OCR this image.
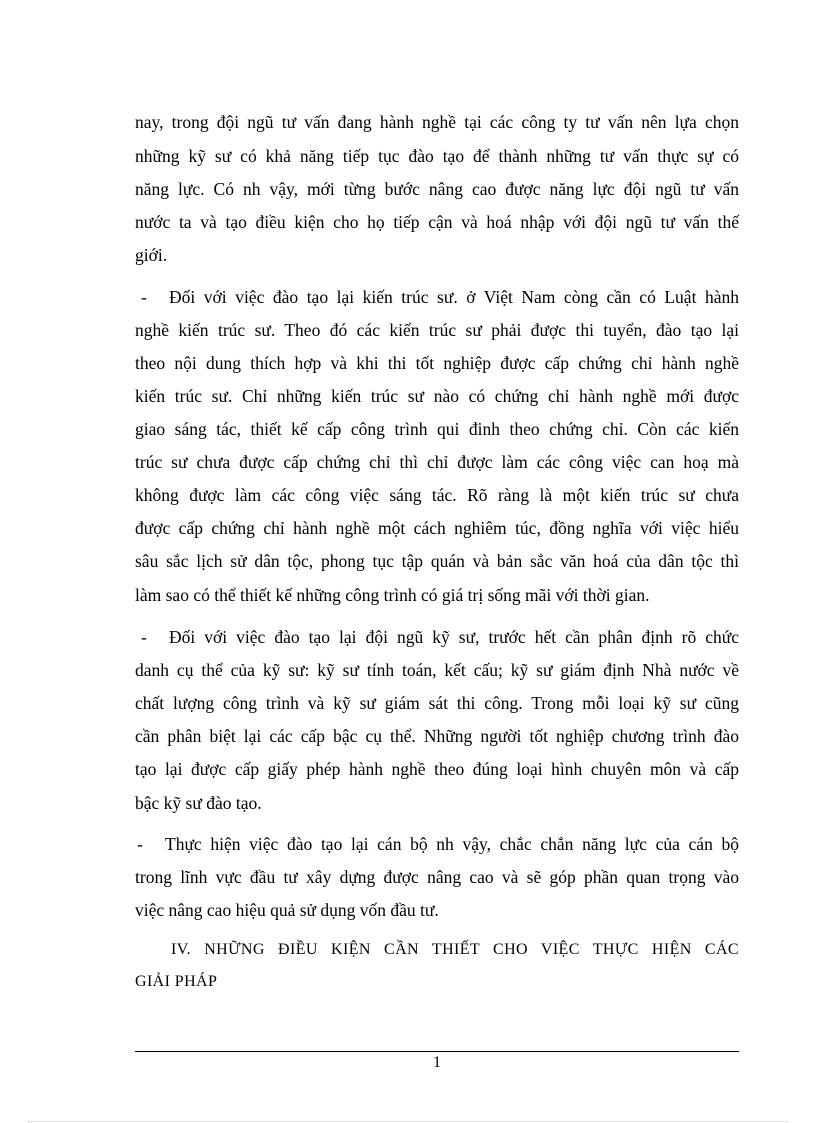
nay, trong đội ngũ tư vấn đang hành nghề tại các công ty tư vấn nên lựa chọn
những kỹ sư có khả năng tiếp tục đào tạo để thành những tư vấn thực sự có
năng lực. Có nh vậy, mới từng bước nâng cao được năng lực đội ngũ tư vấn
nước ta và tạo điều kiện cho họ tiếp cận và hoá nhập với đội ngũ tư vấn thế
giới.
-	Đối với việc đào tạo lại kiến trúc sư. ở Việt Nam còng cần có Luật hành
nghề kiến trúc sư. Theo đó các kiến trúc sư phải được thi tuyển, đào tạo lại
theo nội dung thích hợp và khi thi tốt nghiệp được cấp chứng chỉ hành nghề
kiến trúc sư. Chỉ những kiến trúc sư nào có chứng chỉ hành nghề mới được
giao sáng tác, thiết kế cấp công trình qui đinh theo chứng chỉ. Còn các kiến
trúc sư chưa được cấp chứng chỉ thì chỉ được làm các công việc can hoạ mà
không được làm các công việc sáng tác. Rõ ràng là một kiến trúc sư chưa
được cấp chứng chỉ hành nghề một cách nghiêm túc, đồng nghĩa với việc hiểu
sâu sắc lịch sử dân tộc, phong tục tập quán và bản sắc văn hoá của dân tộc thì
làm sao có thể thiết kế những công trình có giá trị sống mãi với thời gian.
-	Đối với việc đào tạo lại đội ngũ kỹ sư, trước hết cần phân định rõ chức
danh cụ thể của kỹ sư: kỹ sư tính toán, kết cấu; kỹ sư giám định Nhà nước về
chất lượng công trình và kỹ sư giám sát thi công. Trong mỗi loại kỹ sư cũng
cần phân biệt lại các cấp bậc cụ thể. Những người tốt nghiệp chương trình đào
tạo lại được cấp giấy phép hành nghề theo đúng loại hình chuyên môn và cấp
bậc kỹ sư đào tạo.
-	Thực hiện việc đào tạo lại cán bộ nh vậy, chắc chắn năng lực của cán bộ
trong lĩnh vực đầu tư xây dựng được nâng cao và sẽ góp phần quan trọng vào
việc nâng cao hiệu quả sử dụng vốn đầu tư.
IV. NHỮNG ĐIỀU KIỆN CẦN THIẾT CHO VIỆC THỰC HIỆN CÁC
GIẢI PHÁP
1
